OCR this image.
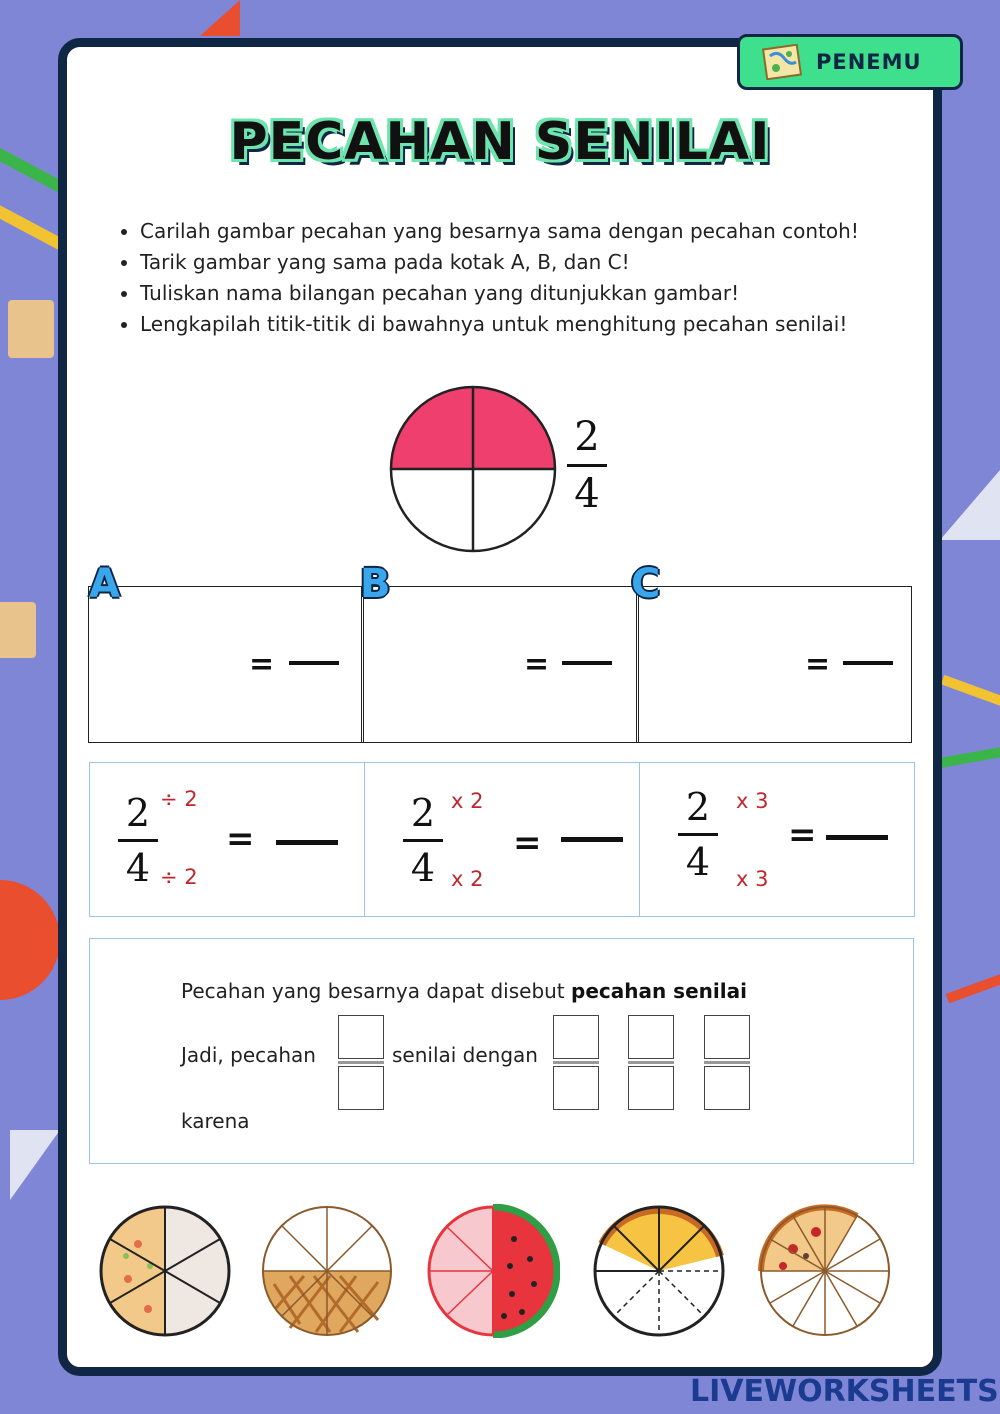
PENEMU
PECAHAN SENILAI
• Carilah gambar pecahan yang besarnya sama dengan pecahan contoh!
• Tarik gambar yang sama pada kotak A, B, dan C!
• Tuliskan nama bilangan pecahan yang ditunjukkan gambar!
• Lengkapilah titik-titik di bawahnya untuk menghitung pecahan senilai!
2
4
A
=
B
=
C
=
2
4
÷ 2
÷ 2
=
2
4
x 2
x 2
=
2
4
x 3
x 3
=
Pecahan yang besarnya dapat disebut pecahan senilai
Jadi, pecahan	senilai dengan
karena
LIVEWORKSHEETS
